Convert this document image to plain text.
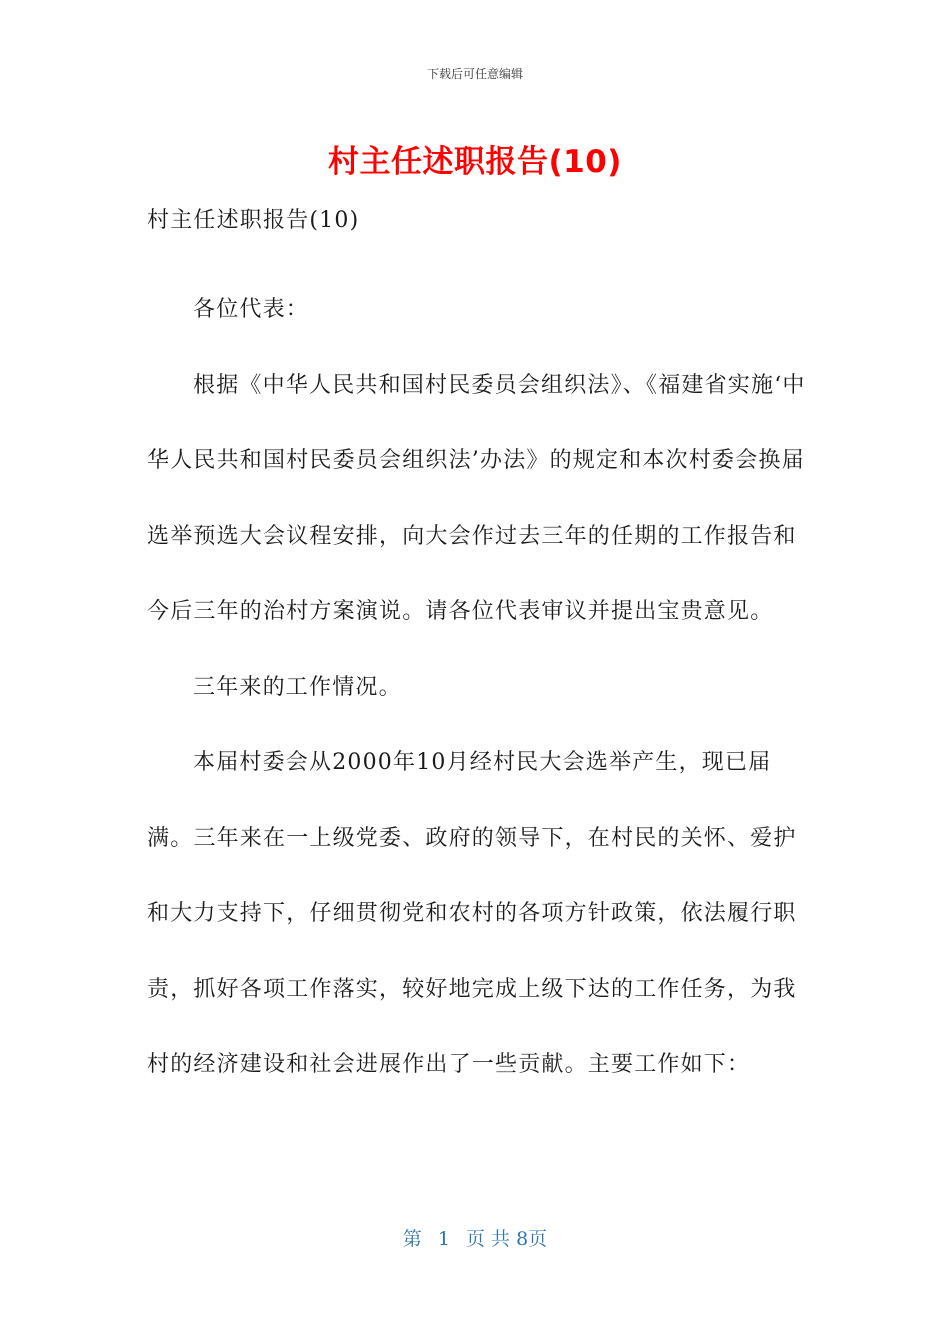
下载后可任意编辑
村主任述职报告(10)

村主任述职报告(10)

各位代表：

根据《中华人民共和国村民委员会组织法》、《福建省实施‘中华人民共和国村民委员会组织法’办法》的规定和本次村委会换届选举预选大会议程安排，向大会作过去三年的任期的工作报告和今后三年的治村方案演说。请各位代表审议并提出宝贵意见。

三年来的工作情况。

本届村委会从2000年10月经村民大会选举产生，现已届满。三年来在一上级党委、政府的领导下，在村民的关怀、爱护和大力支持下，仔细贯彻党和农村的各项方针政策，依法履行职责，抓好各项工作落实，较好地完成上级下达的工作任务，为我村的经济建设和社会进展作出了一些贡献。主要工作如下：

第 1 页 共 8页
